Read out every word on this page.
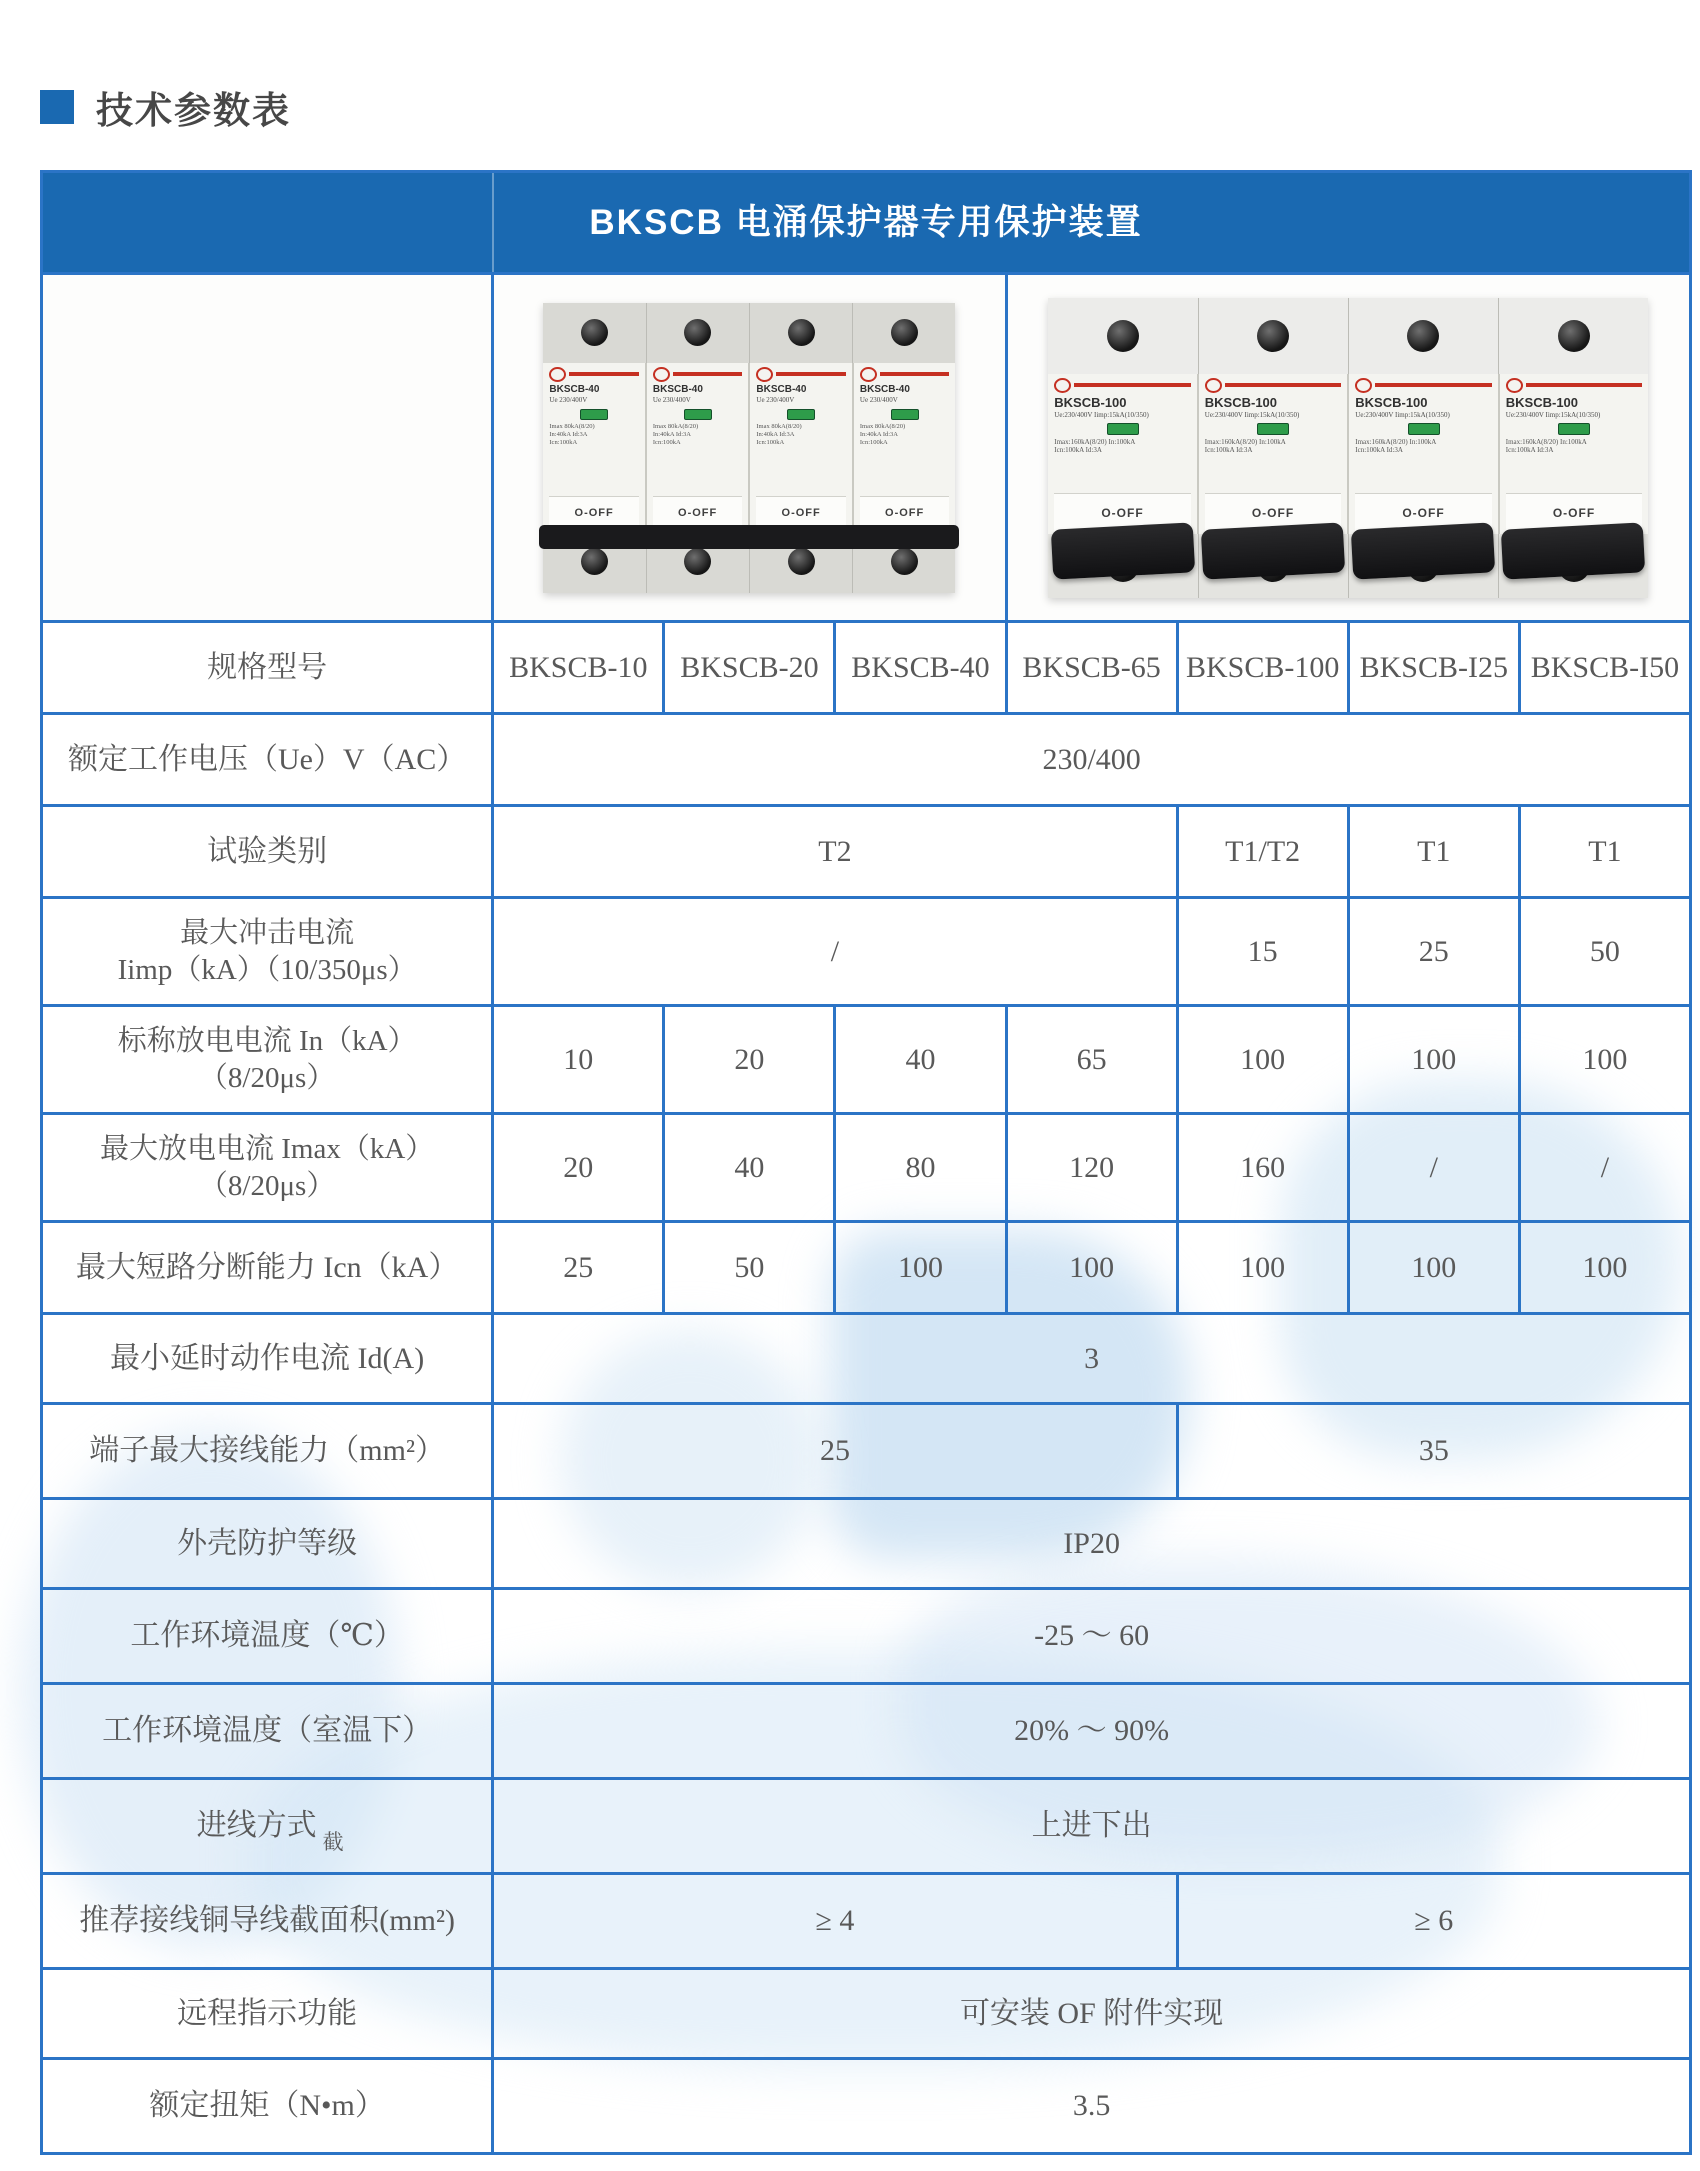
技术参数表
BKSCB 电涌保护器专用保护装置							

BKSCB-40
Ue 230/400V
Imax 80kA(8/20)
In:40kA Id:3A
Icn:100kA
O-OFF
BKSCB-40
Ue 230/400V
Imax 80kA(8/20)
In:40kA Id:3A
Icn:100kA
O-OFF
BKSCB-40
Ue 230/400V
Imax 80kA(8/20)
In:40kA Id:3A
Icn:100kA
O-OFF
BKSCB-40
Ue 230/400V
Imax 80kA(8/20)
In:40kA Id:3A
Icn:100kA
O-OFF

BKSCB-100
Ue:230/400V Iimp:15kA(10/350)
Imax:160kA(8/20) In:100kA
Icn:100kA Id:3A
O-OFF
BKSCB-100
Ue:230/400V Iimp:15kA(10/350)
Imax:160kA(8/20) In:100kA
Icn:100kA Id:3A
O-OFF
BKSCB-100
Ue:230/400V Iimp:15kA(10/350)
Imax:160kA(8/20) In:100kA
Icn:100kA Id:3A
O-OFF
BKSCB-100
Ue:230/400V Iimp:15kA(10/350)
Imax:160kA(8/20) In:100kA
Icn:100kA Id:3A
O-OFF

规格型号	BKSCB-10	BKSCB-20	BKSCB-40	BKSCB-65	BKSCB-100	BKSCB-I25	BKSCB-I50
额定工作电压（Ue）V（AC）	230/400						
试验类别	T2				T1/T2	T1	T1

最大冲击电流
Iimp（kA）（10/350μs）	/				15	25	50

标称放电电流 In（kA）
（8/20μs）	10	20	40	65	100	100	100

最大放电电流 Imax（kA）
（8/20μs）	20	40	80	120	160	/	/
最大短路分断能力 Icn（kA）	25	50	100	100	100	100	100
最小延时动作电流 Id(A)	3						
端子最大接线能力（mm²）	25				35		
外壳防护等级	IP20						
工作环境温度（℃）	-25 ～ 60						
工作环境温度（室温下）	20% ～ 90%						
进线方式 $_截$	上进下出						
推荐接线铜导线截面积(mm²)	≥ 4				≥ 6		
远程指示功能	可安装 OF 附件实现						
额定扭矩（N•m）	3.5						
